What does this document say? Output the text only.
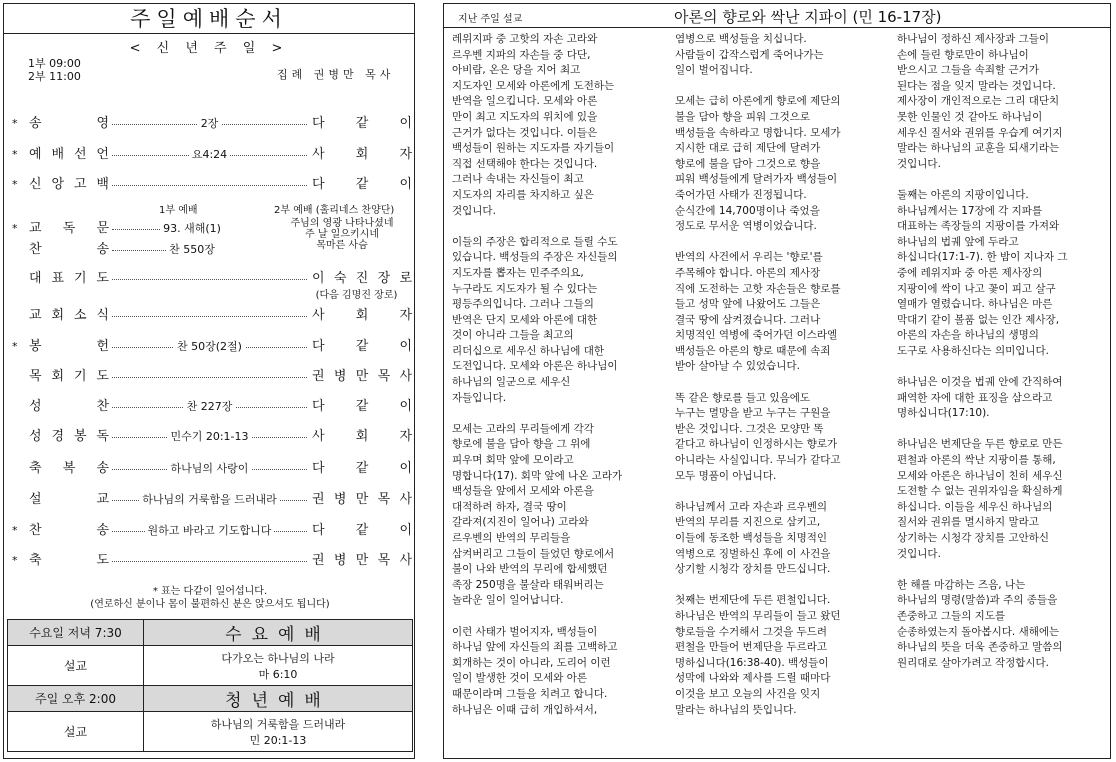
주일예배순서
< 신 년 주 일 >
1부 09:00
2부 11:00	집례 권병만 목사
1부 예배	2부 예배 (홀리네스 찬양단)
주님의 영광 나타나셨네
주 날 일으키시네
목마른 사슴
* 송	영	2장	다 같 이
* 예 배 선 언	요4:24	사 회 자
* 신 앙 고 백	다 같 이
* 교 독 문	93. 새해(1)
찬	송	찬 550장
대 표 기 도	이 숙 진 장 로
교 회 소 식	사 회 자
* 봉	헌	찬 50장(2절)	다 같 이
목 회 기 도	권 병 만 목 사
성	찬	찬 227장	다 같 이
성 경 봉 독	민수기 20:1-13	사 회 자
축 복 송	하나님의 사랑이	다 같 이
설	교	하나님의 거룩함을 드러내라	권 병 만 목 사
* 찬	송	원하고 바라고 기도합니다	다 같 이
* 축	도	권 병 만 목 사
(다음 김명진 장로)
* 표는 다같이 일어섭니다.
(연로하신 분이나 몸이 불편하신 분은 앉으셔도 됩니다)
수요일 저녁 7:30	수요예배
설교	다가오는 하나님의 나라
마 6:10

주일 오후 2:00	청년예배
설교	하나님의 거룩함을 드러내라
민 20:1-13
지난 주일 설교	아론의 향로와 싹난 지파이 (민 16-17장)
레위지파 중 고핫의 자손 고라와
르우벤 지파의 자손들 중 다단,
아비람, 온은 당을 지어 최고
지도자인 모세와 아론에게 도전하는
반역을 일으킵니다. 모세와 아론
만이 최고 지도자의 위치에 있을
근거가 없다는 것입니다. 이들은
백성들이 원하는 지도자를 자기들이
직접 선택해야 한다는 것입니다.
그러나 속내는 자신들이 최고
지도자의 자리를 차지하고 싶은
것입니다.

이들의 주장은 합리적으로 들릴 수도
있습니다. 백성들의 주장은 자신들의
지도자를 뽑자는 민주주의요,
누구라도 지도자가 될 수 있다는
평등주의입니다. 그러나 그들의
반역은 단지 모세와 아론에 대한
것이 아니라 그들을 최고의
리더십으로 세우신 하나님에 대한
도전입니다. 모세와 아론은 하나님이
하나님의 일군으로 세우신
자들입니다.

모세는 고라의 무리들에게 각각
향로에 불을 담아 향을 그 위에
피우며 회막 앞에 모이라고
명합니다(17). 회막 앞에 나온 고라가
백성들을 앞에서 모세와 아론을
대적하려 하자, 결국 땅이
갈라져(지진이 일어나) 고라와
르우벤의 반역의 무리들을
삼켜버리고 그들이 들었던 향로에서
불이 나와 반역의 무리에 합세했던
족장 250명을 불살라 태워버리는
놀라운 일이 일어납니다.

이런 사태가 벌어지자, 백성들이
하나님 앞에 자신들의 죄를 고백하고
회개하는 것이 아니라, 도리어 이런
일이 발생한 것이 모세와 아론
때문이라며 그들을 치려고 합니다.
하나님은 이때 급히 개입하셔서,
염병으로 백성들을 치십니다.
사람들이 갑작스럽게 죽어나가는
일이 벌어집니다.

모세는 급히 아론에게 향로에 제단의
불을 담아 향을 피워 그것으로
백성들을 속하라고 명합니다. 모세가
지시한 대로 급히 제단에 달려가
향로에 불을 담아 그것으로 향을
피워 백성들에게 달려가자 백성들이
죽어가던 사태가 진정됩니다.
순식간에 14,700명이나 죽었을
정도로 무서운 역병이었습니다.

반역의 사건에서 우리는 '향로'를
주목해야 합니다. 아론의 제사장
직에 도전하는 고핫 자손들은 향로를
들고 성막 앞에 나왔어도 그들은
결국 땅에 삼켜졌습니다. 그러나
치명적인 역병에 죽어가던 이스라엘
백성들은 아론의 향로 때문에 속죄
받아 살아날 수 있었습니다.

똑 같은 향로를 들고 있음에도
누구는 멸망을 받고 누구는 구원을
받은 것입니다. 그것은 모양만 똑
같다고 하나님이 인정하시는 향로가
아니라는 사실입니다. 무늬가 같다고
모두 명품이 아닙니다.

하나님께서 고라 자손과 르우벤의
반역의 무리를 지진으로 삼키고,
이들에 동조한 백성들을 치명적인
역병으로 징벌하신 후에 이 사건을
상기할 시청각 장치를 만드십니다.

첫째는 번제단에 두른 편철입니다.
하나님은 반역의 무리들이 들고 왔던
향로들을 수거해서 그것을 두드려
편철을 만들어 번제단을 두르라고
명하십니다(16:38-40). 백성들이
성막에 나와와 제사를 드릴 때마다
이것을 보고 오늘의 사건을 잊지
말라는 하나님의 뜻입니다.
하나님이 정하신 제사장과 그들이
손에 들린 향로만이 하나님이
받으시고 그들을 속죄할 근거가
된다는 점을 잊지 말라는 것입니다.
제사장이 개인적으로는 그리 대단치
못한 인물인 것 같아도 하나님이
세우신 질서와 권위를 우습게 여기지
말라는 하나님의 교훈을 되새기라는
것입니다.

둘째는 아론의 지팡이입니다.
하나님께서는 17장에 각 지파를
대표하는 족장들의 지팡이를 가져와
하나님의 법궤 앞에 두라고
하십니다(17:1-7). 한 밤이 지나자 그
중에 레위지파 중 아론 제사장의
지팡이에 싹이 나고 꽃이 피고 살구
열매가 열렸습니다. 하나님은 마른
막대기 같이 볼품 없는 인간 제사장,
아론의 자손을 하나님의 생명의
도구로 사용하신다는 의미입니다.

하나님은 이것을 법궤 안에 간직하여
패역한 자에 대한 표징을 삼으라고
명하십니다(17:10).

하나님은 번제단을 두른 향로로 만든
편철과 아론의 싹난 지팡이를 통해,
모세와 아론은 하나님이 친히 세우신
도전할 수 없는 권위자임을 확실하게
하십니다. 이들을 세우신 하나님의
질서와 권위를 멸시하지 말라고
상기하는 시청각 장치를 고안하신
것입니다.

한 해를 마감하는 즈음, 나는
하나님의 명령(말씀)과 주의 종들을
존중하고 그들의 지도를
순종하였는지 돌아봅시다. 새해에는
하나님의 뜻을 더욱 존중하고 말씀의
원리대로 살아가려고 작정합시다.
